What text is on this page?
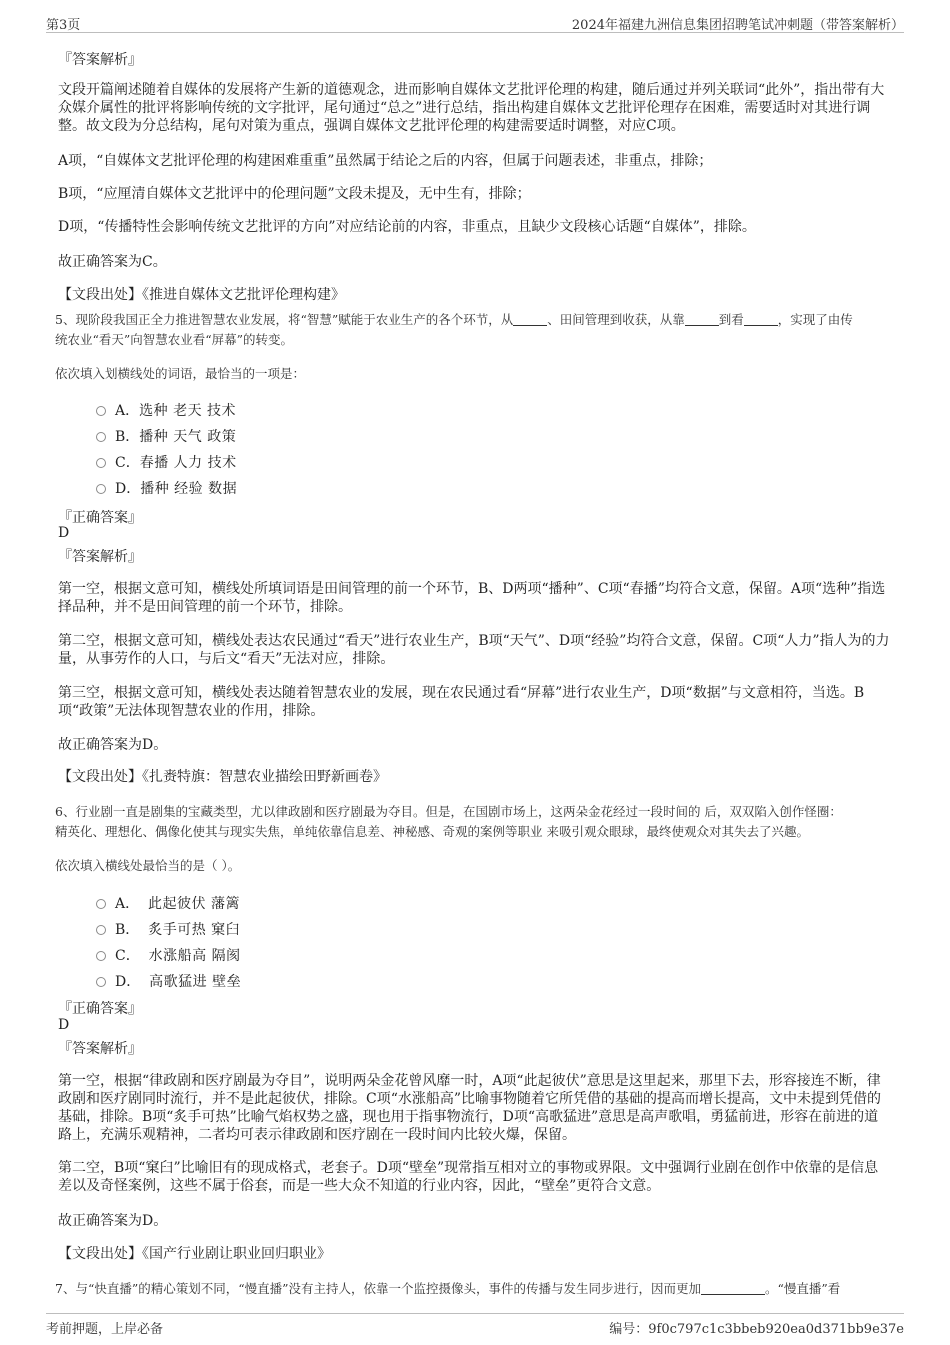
第3页	2024年福建九洲信息集团招聘笔试冲刺题（带答案解析）
『答案解析』
文段开篇阐述随着自媒体的发展将产生新的道德观念，进而影响自媒体文艺批评伦理的构建，随后通过并列关联词“此外”，指出带有大众媒介属性的批评将影响传统的文字批评，尾句通过“总之”进行总结，指出构建自媒体文艺批评伦理存在困难，需要适时对其进行调整。故文段为分总结构，尾句对策为重点，强调自媒体文艺批评伦理的构建需要适时调整，对应C项。
A项，“自媒体文艺批评伦理的构建困难重重”虽然属于结论之后的内容，但属于问题表述，非重点，排除；
B项，“应厘清自媒体文艺批评中的伦理问题”文段未提及，无中生有，排除；
D项，“传播特性会影响传统文艺批评的方向”对应结论前的内容，非重点，且缺少文段核心话题“自媒体”，排除。
故正确答案为C。
【文段出处】《推进自媒体文艺批评伦理构建》
5、现阶段我国正全力推进智慧农业发展，将“智慧”赋能于农业生产的各个环节，从	、田间管理到收获，从靠	到看	，实现了由传
统农业“看天”向智慧农业看“屏幕”的转变。
依次填入划横线处的词语，最恰当的一项是：
A．选种 老天 技术
B．播种 天气 政策
C．春播 人力 技术
D．播种 经验 数据
『正确答案』
D
『答案解析』
第一空，根据文意可知，横线处所填词语是田间管理的前一个环节，B、D两项“播种”、C项“春播”均符合文意，保留。A项“选种”指选择品种，并不是田间管理的前一个环节，排除。
第二空，根据文意可知，横线处表达农民通过“看天”进行农业生产，B项“天气”、D项“经验”均符合文意，保留。C项“人力”指人为的力量，从事劳作的人口，与后文“看天”无法对应，排除。
第三空，根据文意可知，横线处表达随着智慧农业的发展，现在农民通过看“屏幕”进行农业生产，D项“数据”与文意相符，当选。B项“政策”无法体现智慧农业的作用，排除。
故正确答案为D。
【文段出处】《扎赉特旗：智慧农业描绘田野新画卷》
6、行业剧一直是剧集的宝藏类型，尤以律政剧和医疗剧最为夺目。但是，在国剧市场上，这两朵金花经过一段时间的 后，双双陷入创作怪圈：
精英化、理想化、偶像化使其与现实失焦，单纯依靠信息差、神秘感、奇观的案例等职业 来吸引观众眼球，最终使观众对其失去了兴趣。
依次填入横线处最恰当的是（ ）。
A． 此起彼伏 藩篱
B． 炙手可热 窠臼
C． 水涨船高 隔阂
D． 高歌猛进 壁垒
『正确答案』
D
『答案解析』
第一空，根据“律政剧和医疗剧最为夺目”，说明两朵金花曾风靡一时，A项“此起彼伏”意思是这里起来，那里下去，形容接连不断，律政剧和医疗剧同时流行，并不是此起彼伏，排除。C项“水涨船高”比喻事物随着它所凭借的基础的提高而增长提高，文中未提到凭借的基础，排除。B项“炙手可热”比喻气焰权势之盛，现也用于指事物流行，D项“高歌猛进”意思是高声歌唱，勇猛前进，形容在前进的道路上，充满乐观精神，二者均可表示律政剧和医疗剧在一段时间内比较火爆，保留。
第二空，B项“窠臼”比喻旧有的现成格式，老套子。D项“壁垒”现常指互相对立的事物或界限。文中强调行业剧在创作中依靠的是信息差以及奇怪案例，这些不属于俗套，而是一些大众不知道的行业内容，因此，“壁垒”更符合文意。
故正确答案为D。
【文段出处】《国产行业剧让职业回归职业》
7、与“快直播”的精心策划不同，“慢直播”没有主持人，依靠一个监控摄像头，事件的传播与发生同步进行，因而更加	。“慢直播”看
考前押题，上岸必备	编号：9f0c797c1c3bbeb920ea0d371bb9e37e
